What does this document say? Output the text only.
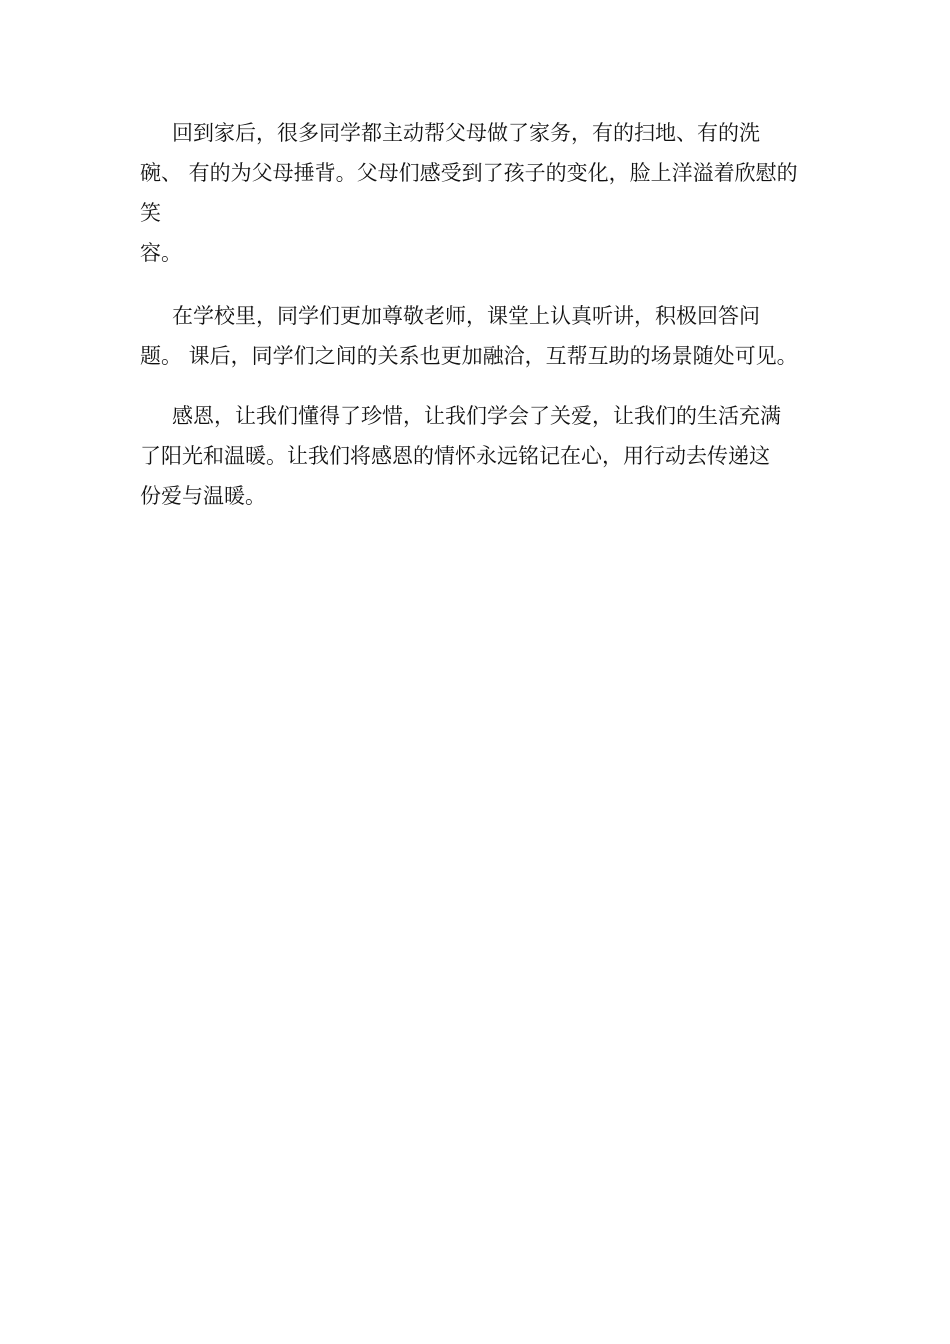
回到家后，很多同学都主动帮父母做了家务，有的扫地、有的洗

碗、 有的为父母捶背。父母们感受到了孩子的变化，脸上洋溢着欣慰的

笑

容。

在学校里，同学们更加尊敬老师，课堂上认真听讲，积极回答问

题。 课后，同学们之间的关系也更加融洽，互帮互助的场景随处可见。

感恩，让我们懂得了珍惜，让我们学会了关爱，让我们的生活充满

了阳光和温暖。让我们将感恩的情怀永远铭记在心，用行动去传递这

份爱与温暖。
